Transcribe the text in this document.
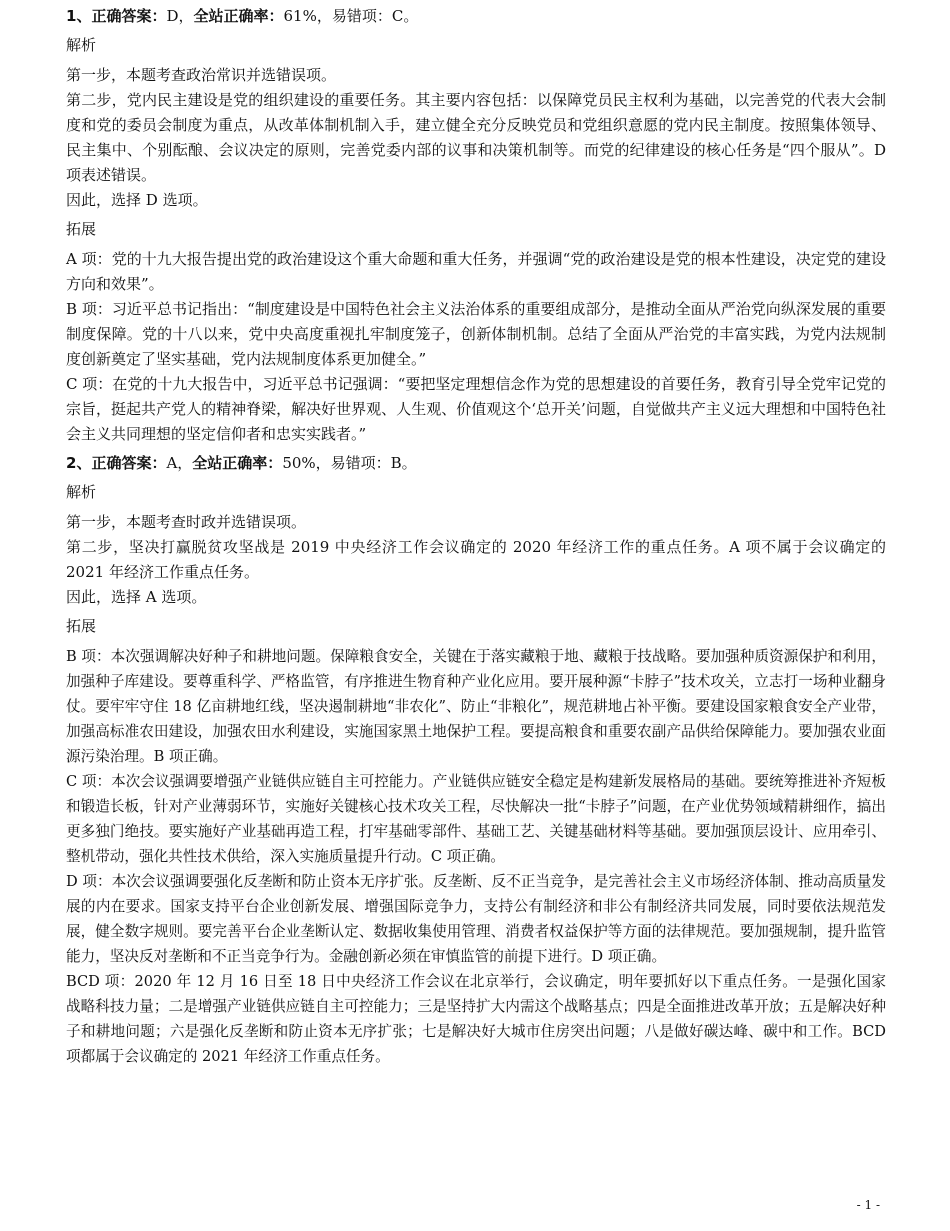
1、正确答案：D，全站正确率：61%，易错项：C。
解析

第一步，本题考查政治常识并选错误项。

第二步，党内民主建设是党的组织建设的重要任务。其主要内容包括：以保障党员民主权利为基础，以完善党的代表大会制度和党的委员会制度为重点，从改革体制机制入手，建立健全充分反映党员和党组织意愿的党内民主制度。按照集体领导、民主集中、个别酝酿、会议决定的原则，完善党委内部的议事和决策机制等。而党的纪律建设的核心任务是“四个服从”。D 项表述错误。

因此，选择 D 选项。

拓展

A 项：党的十九大报告提出党的政治建设这个重大命题和重大任务，并强调“党的政治建设是党的根本性建设，决定党的建设方向和效果”。

B 项：习近平总书记指出：“制度建设是中国特色社会主义法治体系的重要组成部分，是推动全面从严治党向纵深发展的重要制度保障。党的十八以来，党中央高度重视扎牢制度笼子，创新体制机制。总结了全面从严治党的丰富实践，为党内法规制度创新奠定了坚实基础，党内法规制度体系更加健全。”

C 项：在党的十九大报告中，习近平总书记强调：“要把坚定理想信念作为党的思想建设的首要任务，教育引导全党牢记党的宗旨，挺起共产党人的精神脊梁，解决好世界观、人生观、价值观这个‘总开关’问题，自觉做共产主义远大理想和中国特色社会主义共同理想的坚定信仰者和忠实实践者。”

2、正确答案：A，全站正确率：50%，易错项：B。
解析

第一步，本题考查时政并选错误项。

第二步，坚决打赢脱贫攻坚战是 2019 中央经济工作会议确定的 2020 年经济工作的重点任务。A 项不属于会议确定的 2021 年经济工作重点任务。

因此，选择 A 选项。

拓展

B 项：本次强调解决好种子和耕地问题。保障粮食安全，关键在于落实藏粮于地、藏粮于技战略。要加强种质资源保护和利用，加强种子库建设。要尊重科学、严格监管，有序推进生物育种产业化应用。要开展种源“卡脖子”技术攻关，立志打一场种业翻身仗。要牢牢守住 18 亿亩耕地红线，坚决遏制耕地“非农化”、防止“非粮化”，规范耕地占补平衡。要建设国家粮食安全产业带，加强高标准农田建设，加强农田水利建设，实施国家黑土地保护工程。要提高粮食和重要农副产品供给保障能力。要加强农业面源污染治理。B 项正确。

C 项：本次会议强调要增强产业链供应链自主可控能力。产业链供应链安全稳定是构建新发展格局的基础。要统筹推进补齐短板和锻造长板，针对产业薄弱环节，实施好关键核心技术攻关工程，尽快解决一批“卡脖子”问题，在产业优势领域精耕细作，搞出更多独门绝技。要实施好产业基础再造工程，打牢基础零部件、基础工艺、关键基础材料等基础。要加强顶层设计、应用牵引、整机带动，强化共性技术供给，深入实施质量提升行动。C 项正确。

D 项：本次会议强调要强化反垄断和防止资本无序扩张。反垄断、反不正当竞争，是完善社会主义市场经济体制、推动高质量发展的内在要求。国家支持平台企业创新发展、增强国际竞争力，支持公有制经济和非公有制经济共同发展，同时要依法规范发展，健全数字规则。要完善平台企业垄断认定、数据收集使用管理、消费者权益保护等方面的法律规范。要加强规制，提升监管能力，坚决反对垄断和不正当竞争行为。金融创新必须在审慎监管的前提下进行。D 项正确。

BCD 项：2020 年 12 月 16 日至 18 日中央经济工作会议在北京举行，会议确定，明年要抓好以下重点任务。一是强化国家战略科技力量；二是增强产业链供应链自主可控能力；三是坚持扩大内需这个战略基点；四是全面推进改革开放；五是解决好种子和耕地问题；六是强化反垄断和防止资本无序扩张；七是解决好大城市住房突出问题；八是做好碳达峰、碳中和工作。BCD 项都属于会议确定的 2021 年经济工作重点任务。

- 1 -
